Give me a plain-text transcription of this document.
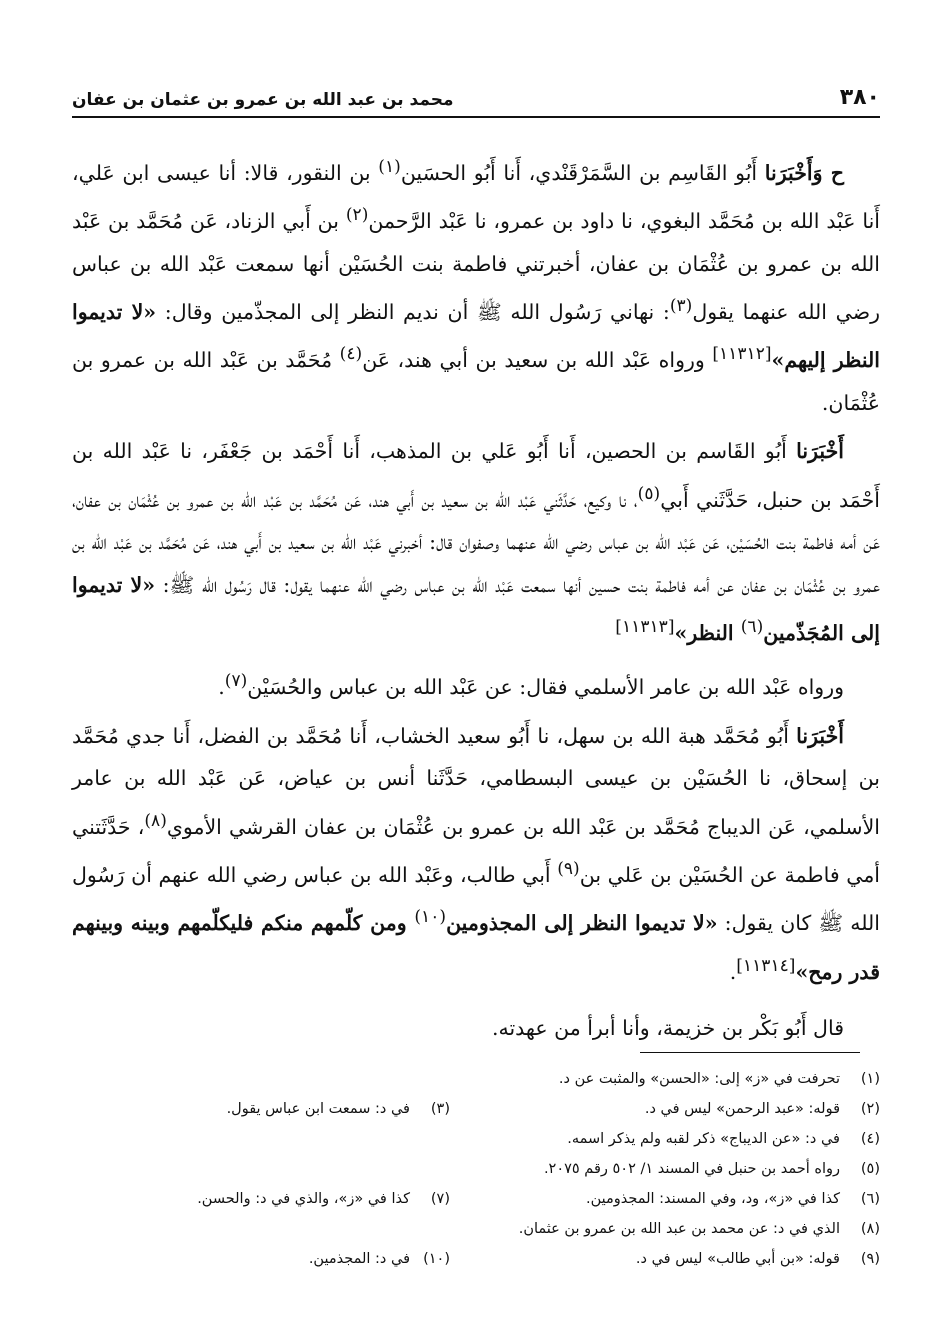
٣٨٠
محمد بن عبد الله بن عمرو بن عثمان بن عفان

ح وَأَخْبَرَنا أَبُو القَاسِم بن السَّمَرْقَنْدي، أَنا أَبُو الحسَين$^{(١)}$ بن النقور، قالا: أنا عيسى ابن عَلي، أَنا عَبْد الله بن مُحَمَّد البغوي، نا داود بن عمرو، نا عَبْد الرَّحمن$^{(٢)}$ بن أَبي الزناد، عَن مُحَمَّد بن عَبْد الله بن عمرو بن عُثْمَان بن عفان، أخبرتني فاطمة بنت الحُسَيْن أنها سمعت عَبْد الله بن عباس رضي الله عنهما يقول$^{(٣)}$: نهاني رَسُول الله ﷺ أن نديم النظر إلى المجذّمين وقال: «لا تديموا النظر إليهم»[١١٣١٢] ورواه عَبْد الله بن سعيد بن أبي هند، عَن$^{(٤)}$ مُحَمَّد بن عَبْد الله بن عمرو بن عُثْمَان.

أَخْبَرَنا أَبُو القَاسم بن الحصين، أَنا أَبُو عَلي بن المذهب، أَنا أَحْمَد بن جَعْفَر، نا عَبْد الله بن أَحْمَد بن حنبل، حَدَّثَني أَبي$^{(٥)}$، نا وكيع، حَدَّثَني عَبْد الله بن سعيد بن أَبي هند، عَن مُحَمَّد بن عَبْد الله بن عمرو بن عُثْمَان بن عفان، عَن أمه فاطمة بنت الحُسَيْن، عَن عَبْد الله بن عباس رضي الله عنهما وصفوان قال: أخبرني عَبْد الله بن سعيد بن أَبي هند، عَن مُحَمَّد بن عَبْد الله بن عمرو بن عُثْمَان بن عفان عن أمه فاطمة بنت حسين أنها سمعت عَبْد الله بن عباس رضي الله عنهما يقول: قال رَسُول الله ﷺ: «لا تديموا إلى المُجَذّمين$^{(٦)}$ النظر»[١١٣١٣]

ورواه عَبْد الله بن عامر الأسلمي فقال: عن عَبْد الله بن عباس والحُسَيْن$^{(٧)}$.

أَخْبَرَنا أَبُو مُحَمَّد هبة الله بن سهل، نا أَبُو سعيد الخشاب، أَنا مُحَمَّد بن الفضل، أَنا جدي مُحَمَّد بن إسحاق، نا الحُسَيْن بن عيسى البسطامي، حَدَّثَنا أنس بن عياض، عَن عَبْد الله بن عامر الأسلمي، عَن الديباج مُحَمَّد بن عَبْد الله بن عمرو بن عُثْمَان بن عفان القرشي الأموي$^{(٨)}$، حَدَّثَتني أمي فاطمة عن الحُسَيْن بن عَلي بن$^{(٩)}$ أَبي طالب، وعَبْد الله بن عباس رضي الله عنهم أن رَسُول الله ﷺ كان يقول: «لا تديموا النظر إلى المجذومين$^{(١٠)}$ ومن كلّمهم منكم فليكلّمهم وبينه وبينهم قدر رمح»[١١٣١٤].

قال أَبُو بَكْر بن خزيمة، وأنا أبرأ من عهدته.

(١)تحرفت في «ز» إلى: «الحسن» والمثبت عن د.
(٢)قوله: «عبد الرحمن» ليس في د.
(٣)في د: سمعت ابن عباس يقول.
(٤)في د: «عن الديباج» ذكر لقبه ولم يذكر اسمه.
(٥)رواه أحمد بن حنبل في المسند ١/ ٥٠٢ رقم ٢٠٧٥.
(٦)كذا في «ز»، ود، وفي المسند: المجذومين.
(٧)كذا في «ز»، والذي في د: والحسن.
(٨)الذي في د: عن محمد بن عبد الله بن عمرو بن عثمان.
(٩)قوله: «بن أبي طالب» ليس في د.
(١٠)في د: المجذمين.
